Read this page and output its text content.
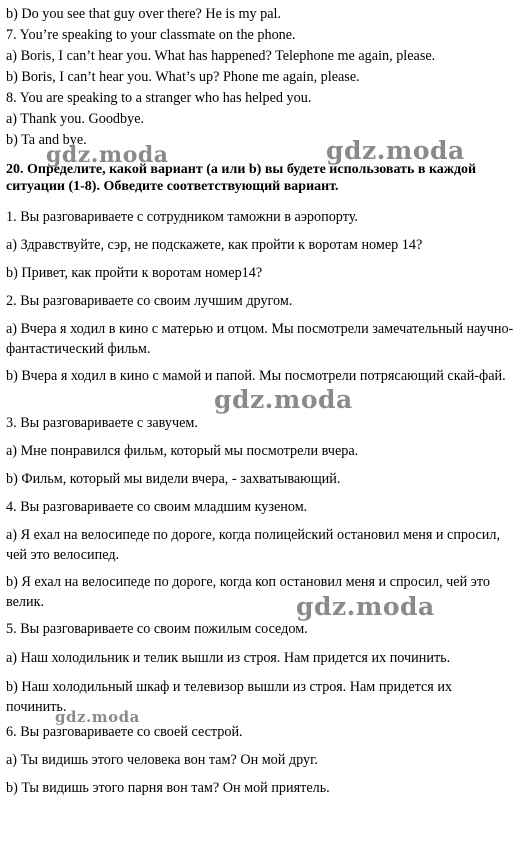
b) Do you see that guy over there? He is my pal.
7. You’re speaking to your classmate on the phone.
a) Boris, I can’t hear you. What has happened? Telephone me again, please.
b) Boris, I can’t hear you. What’s up? Phone me again, please.
8. You are speaking to a stranger who has helped you.
a) Thank you. Goodbye.
b) Ta and bye.
20. Определите, какой вариант (a или b) вы будете использовать в каждой ситуации (1-8). Обведите соответствующий вариант.
1. Вы разговариваете с сотрудником таможни в аэропорту.
a) Здравствуйте, сэр, не подскажете, как пройти к воротам номер 14?
b) Привет, как пройти к воротам номер14?
2. Вы разговариваете со своим лучшим другом.
a) Вчера я ходил в кино с матерью и отцом. Мы посмотрели замечательный научно-фантастический фильм.
b) Вчера я ходил в кино с мамой и папой. Мы посмотрели потрясающий скай-фай.
3. Вы разговариваете с завучем.
a) Мне понравился фильм, который мы посмотрели вчера.
b) Фильм, который мы видели вчера, - захватывающий.
4. Вы разговариваете со своим младшим кузеном.
a) Я ехал на велосипеде по дороге, когда полицейский остановил меня и спросил, чей это велосипед.
b) Я ехал на велосипеде по дороге, когда коп остановил меня и спросил, чей это велик.
5. Вы разговариваете со своим пожилым соседом.
a) Наш холодильник и телик вышли из строя. Нам придется их починить.
b) Наш холодильный шкаф и телевизор вышли из строя. Нам придется их починить.
6. Вы разговариваете со своей сестрой.
a) Ты видишь этого человека вон там? Он мой друг.
b) Ты видишь этого парня вон там? Он мой приятель.
gdz.moda	gdz.moda
gdz.moda
gdz.moda
gdz.moda
